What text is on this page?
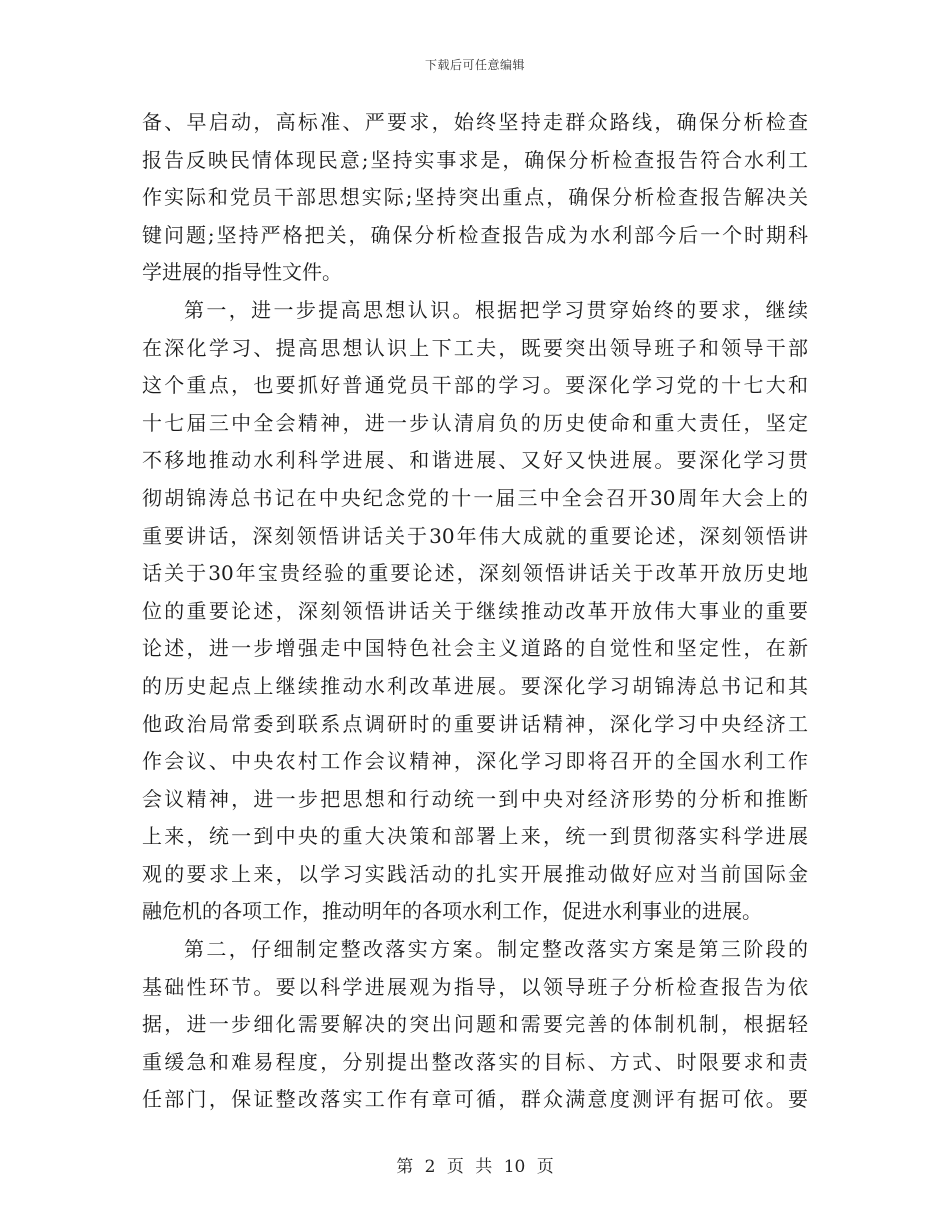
下载后可任意编辑
备、早启动，高标准、严要求，始终坚持走群众路线，确保分析检查
报告反映民情体现民意;坚持实事求是，确保分析检查报告符合水利工
作实际和党员干部思想实际;坚持突出重点，确保分析检查报告解决关
键问题;坚持严格把关，确保分析检查报告成为水利部今后一个时期科
学进展的指导性文件。
第一，进一步提高思想认识。根据把学习贯穿始终的要求，继续
在深化学习、提高思想认识上下工夫，既要突出领导班子和领导干部
这个重点，也要抓好普通党员干部的学习。要深化学习党的十七大和
十七届三中全会精神，进一步认清肩负的历史使命和重大责任，坚定
不移地推动水利科学进展、和谐进展、又好又快进展。要深化学习贯
彻胡锦涛总书记在中央纪念党的十一届三中全会召开30周年大会上的
重要讲话，深刻领悟讲话关于30年伟大成就的重要论述，深刻领悟讲
话关于30年宝贵经验的重要论述，深刻领悟讲话关于改革开放历史地
位的重要论述，深刻领悟讲话关于继续推动改革开放伟大事业的重要
论述，进一步增强走中国特色社会主义道路的自觉性和坚定性，在新
的历史起点上继续推动水利改革进展。要深化学习胡锦涛总书记和其
他政治局常委到联系点调研时的重要讲话精神，深化学习中央经济工
作会议、中央农村工作会议精神，深化学习即将召开的全国水利工作
会议精神，进一步把思想和行动统一到中央对经济形势的分析和推断
上来，统一到中央的重大决策和部署上来，统一到贯彻落实科学进展
观的要求上来，以学习实践活动的扎实开展推动做好应对当前国际金
融危机的各项工作，推动明年的各项水利工作，促进水利事业的进展。
第二，仔细制定整改落实方案。制定整改落实方案是第三阶段的
基础性环节。要以科学进展观为指导，以领导班子分析检查报告为依
据，进一步细化需要解决的突出问题和需要完善的体制机制，根据轻
重缓急和难易程度，分别提出整改落实的目标、方式、时限要求和责
任部门，保证整改落实工作有章可循，群众满意度测评有据可依。要
第 2 页 共 10 页
